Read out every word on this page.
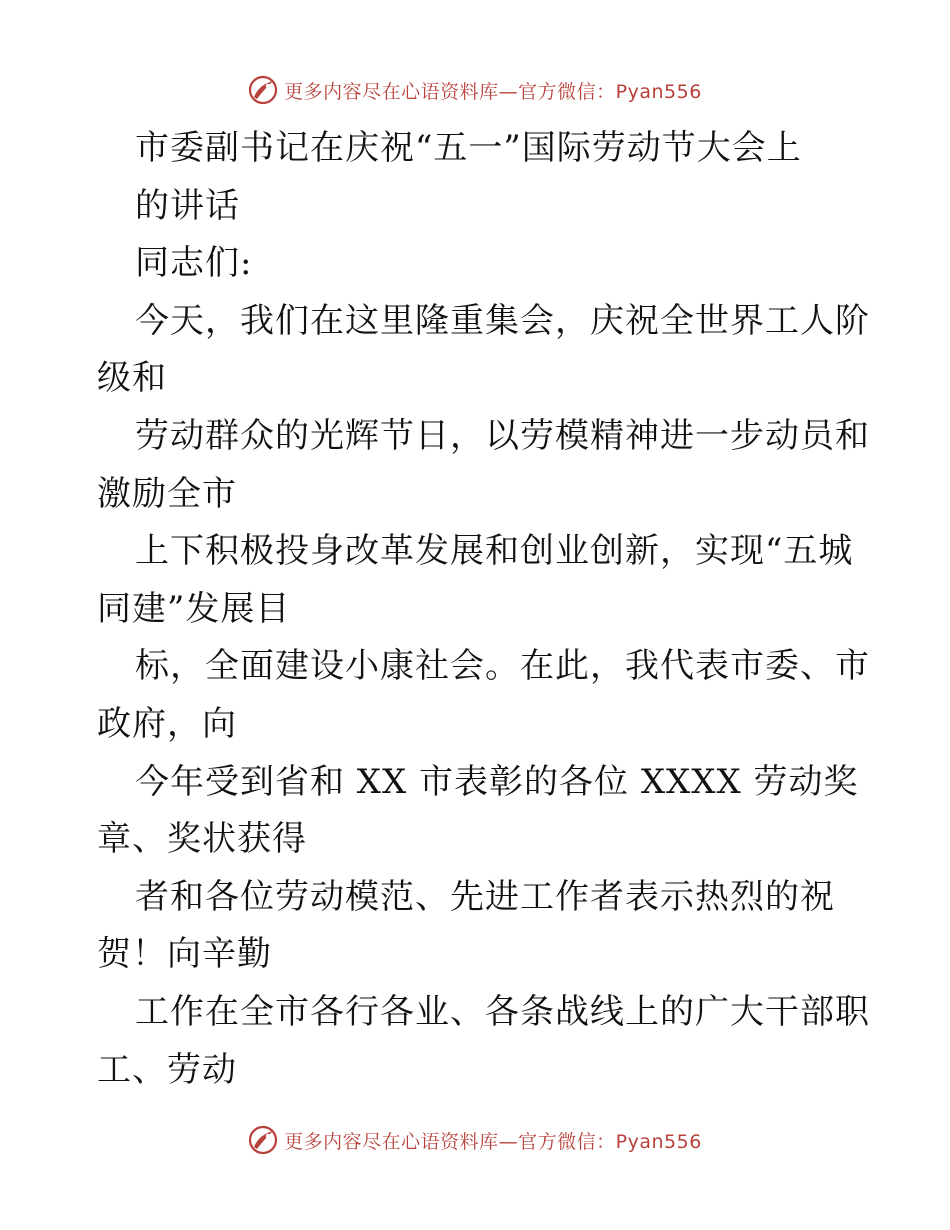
更多内容尽在心语资料库—官方微信：Pyan556
市委副书记在庆祝“五一”国际劳动节大会上
的讲话
同志们:
今天，我们在这里隆重集会，庆祝全世界工人阶
级和
劳动群众的光辉节日，以劳模精神进一步动员和
激励全市
上下积极投身改革发展和创业创新，实现“五城
同建”发展目
标，全面建设小康社会。在此，我代表市委、市
政府，向
今年受到省和 XX 市表彰的各位 XXXX 劳动奖
章、奖状获得
者和各位劳动模范、先进工作者表示热烈的祝
贺！向辛勤
工作在全市各行各业、各条战线上的广大干部职
工、劳动
更多内容尽在心语资料库—官方微信：Pyan556
